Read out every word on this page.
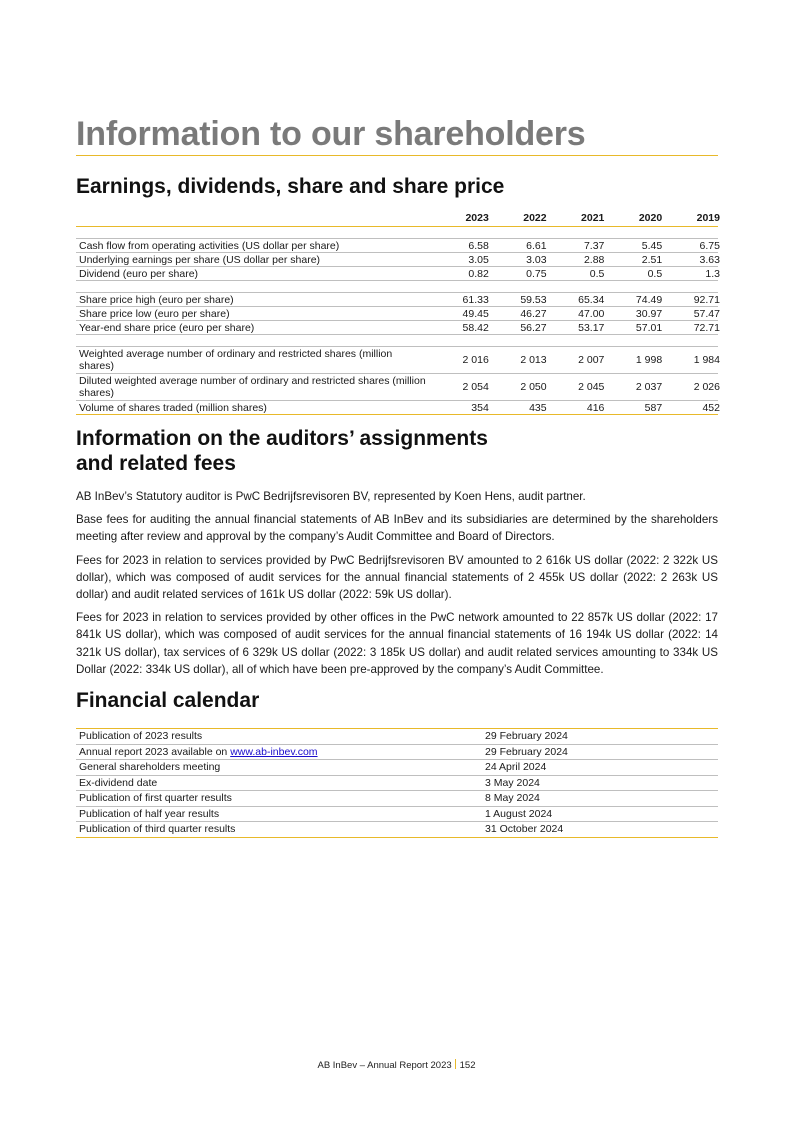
Information to our shareholders
Earnings, dividends, share and share price
2023	2022	2021	2020	2019
Cash flow from operating activities (US dollar per share)	6.58	6.61	7.37	5.45	6.75
Underlying earnings per share (US dollar per share)	3.05	3.03	2.88	2.51	3.63
Dividend (euro per share)	0.82	0.75	0.5	0.5	1.3
Share price high (euro per share)	61.33	59.53	65.34	74.49	92.71
Share price low (euro per share)	49.45	46.27	47.00	30.97	57.47
Year-end share price (euro per share)	58.42	56.27	53.17	57.01	72.71
Weighted average number of ordinary and restricted shares (million shares)	2 016	2 013	2 007	1 998	1 984
Diluted weighted average number of ordinary and restricted shares (million shares)	2 054	2 050	2 045	2 037	2 026
Volume of shares traded (million shares)	354	435	416	587	452
Information on the auditors’ assignments
and related fees

AB InBev’s Statutory auditor is PwC Bedrijfsrevisoren BV, represented by Koen Hens, audit partner.

Base fees for auditing the annual financial statements of AB InBev and its subsidiaries are determined by the shareholders meeting after review and approval by the company’s Audit Committee and Board of Directors.

Fees for 2023 in relation to services provided by PwC Bedrijfsrevisoren BV amounted to 2 616k US dollar (2022: 2 322k US dollar), which was composed of audit services for the annual financial statements of 2 455k US dollar (2022: 2 263k US dollar) and audit related services of 161k US dollar (2022: 59k US dollar).

Fees for 2023 in relation to services provided by other offices in the PwC network amounted to 22 857k US dollar (2022: 17 841k US dollar), which was composed of audit services for the annual financial statements of 16 194k US dollar (2022: 14 321k US dollar), tax services of 6 329k US dollar (2022: 3 185k US dollar) and audit related services amounting to 334k US Dollar (2022: 334k US dollar), all of which have been pre-approved by the company’s Audit Committee.

Financial calendar
Publication of 2023 results	29 February 2024
Annual report 2023 available on www.ab-inbev.com	29 February 2024
General shareholders meeting	24 April 2024
Ex-dividend date	3 May 2024
Publication of first quarter results	8 May 2024
Publication of half year results	1 August 2024
Publication of third quarter results	31 October 2024
AB InBev – Annual Report 2023 152
